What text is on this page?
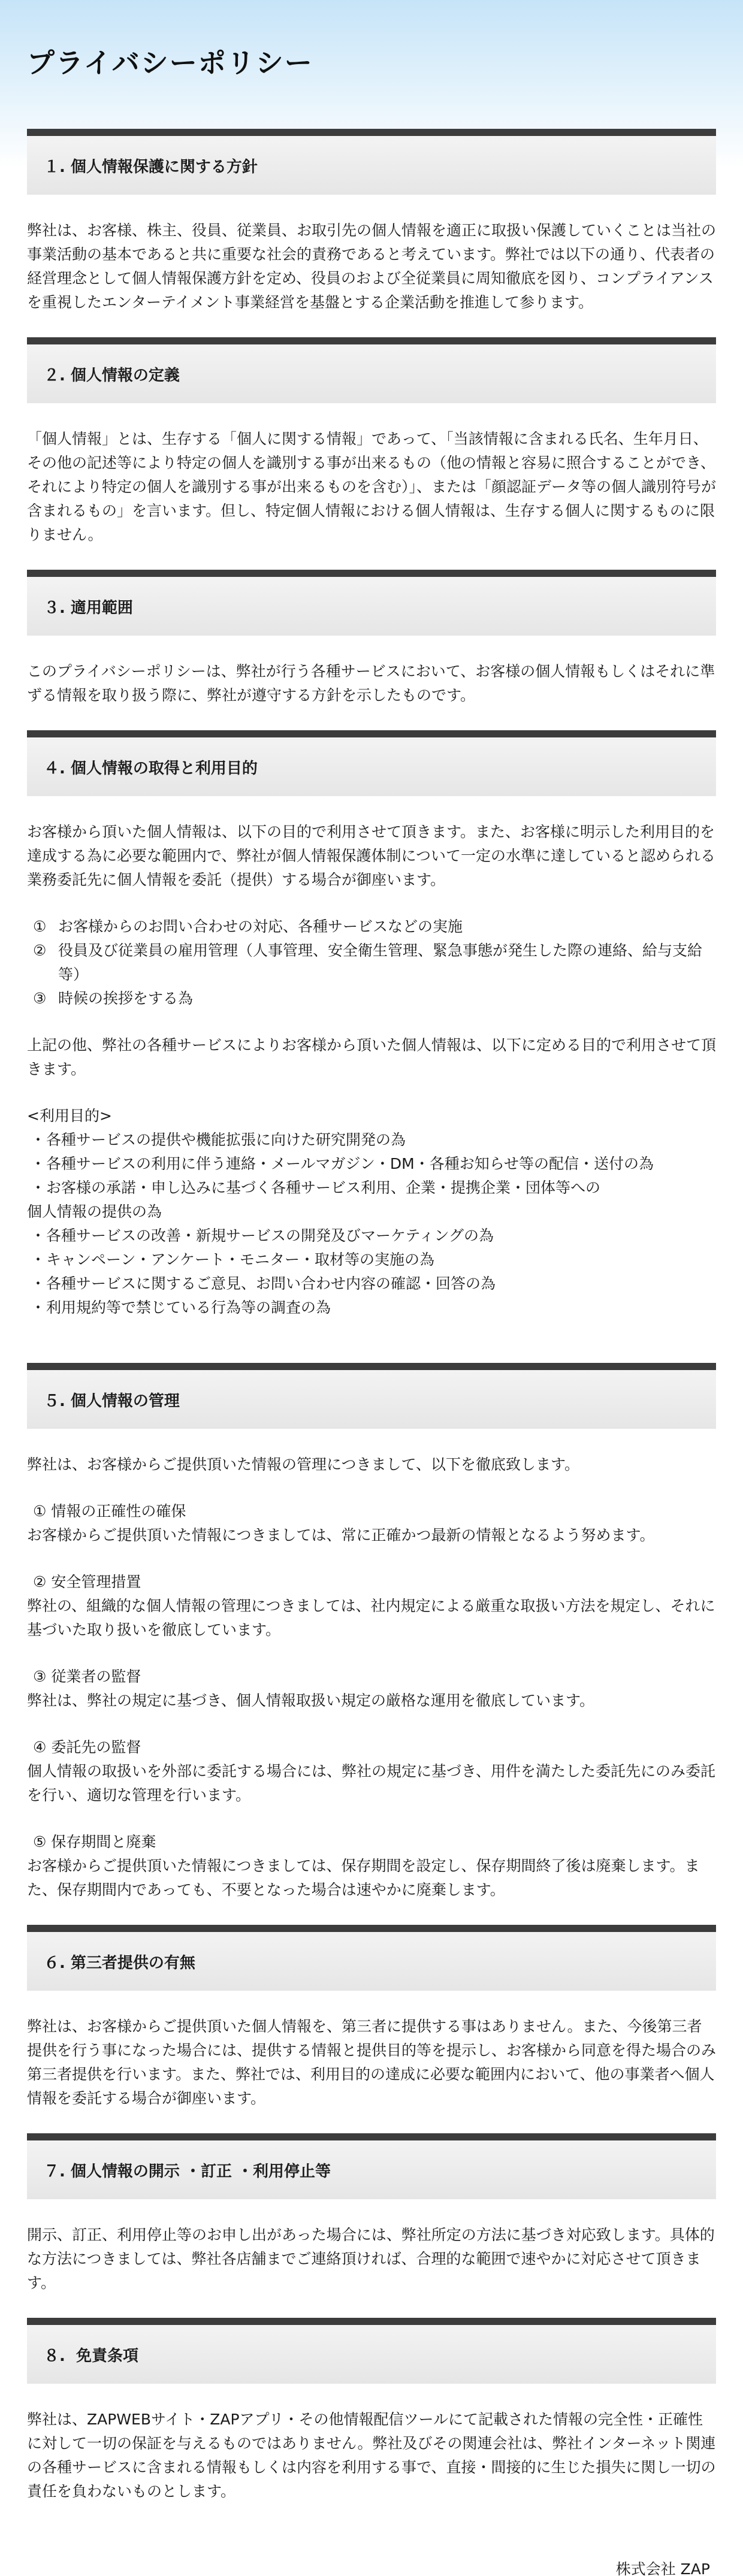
プライバシーポリシー
１. 個人情報保護に関する方針

弊社は、お客様、株主、役員、従業員、お取引先の個人情報を適正に取扱い保護していくことは当社の事業活動の基本であると共に重要な社会的責務であると考えています。弊社では以下の通り、代表者の経営理念として個人情報保護方針を定め、役員のおよび全従業員に周知徹底を図り、コンプライアンスを重視したエンターテイメント事業経営を基盤とする企業活動を推進して参ります。

２. 個人情報の定義

「個人情報」とは、生存する「個人に関する情報」であって、「当該情報に含まれる氏名、生年月日、その他の記述等により特定の個人を識別する事が出来るもの（他の情報と容易に照合することができ、それにより特定の個人を識別する事が出来るものを含む）」、または「顔認証データ等の個人識別符号が含まれるもの」を言います。但し、特定個人情報における個人情報は、生存する個人に関するものに限りません。

３. 適用範囲

このプライバシーポリシーは、弊社が行う各種サービスにおいて、お客様の個人情報もしくはそれに準ずる情報を取り扱う際に、弊社が遵守する方針を示したものです。

４. 個人情報の取得と利用目的

お客様から頂いた個人情報は、以下の目的で利用させて頂きます。また、お客様に明示した利用目的を達成する為に必要な範囲内で、弊社が個人情報保護体制について一定の水準に達していると認められる業務委託先に個人情報を委託（提供）する場合が御座います。

① お客様からのお問い合わせの対応、各種サービスなどの実施
② 役員及び従業員の雇用管理（人事管理、安全衛生管理、緊急事態が発生した際の連絡、給与支給等）
③ 時候の挨拶をする為

上記の他、弊社の各種サービスによりお客様から頂いた個人情報は、以下に定める目的で利用させて頂きます。

<利用目的>
・各種サービスの提供や機能拡張に向けた研究開発の為
・各種サービスの利用に伴う連絡・メールマガジン・DM・各種お知らせ等の配信・送付の為
・お客様の承諾・申し込みに基づく各種サービス利用、企業・提携企業・団体等への
個人情報の提供の為
・各種サービスの改善・新規サービスの開発及びマーケティングの為
・キャンペーン・アンケート・モニター・取材等の実施の為
・各種サービスに関するご意見、お問い合わせ内容の確認・回答の為
・利用規約等で禁じている行為等の調査の為
５. 個人情報の管理

弊社は、お客様からご提供頂いた情報の管理につきまして、以下を徹底致します。

① 情報の正確性の確保
お客様からご提供頂いた情報につきましては、常に正確かつ最新の情報となるよう努めます。
② 安全管理措置
弊社の、組織的な個人情報の管理につきましては、社内規定による厳重な取扱い方法を規定し、それに基づいた取り扱いを徹底しています。
③ 従業者の監督
弊社は、弊社の規定に基づき、個人情報取扱い規定の厳格な運用を徹底しています。
④ 委託先の監督
個人情報の取扱いを外部に委託する場合には、弊社の規定に基づき、用件を満たした委託先にのみ委託を行い、適切な管理を行います。
⑤ 保存期間と廃棄
お客様からご提供頂いた情報につきましては、保存期間を設定し、保存期間終了後は廃棄します。また、保存期間内であっても、不要となった場合は速やかに廃棄します。
６. 第三者提供の有無

弊社は、お客様からご提供頂いた個人情報を、第三者に提供する事はありません。また、今後第三者提供を行う事になった場合には、提供する情報と提供目的等を提示し、お客様から同意を得た場合のみ第三者提供を行います。また、弊社では、利用目的の達成に必要な範囲内において、他の事業者へ個人情報を委託する場合が御座います。

７. 個人情報の開示 ・訂正 ・利用停止等

開示、訂正、利用停止等のお申し出があった場合には、弊社所定の方法に基づき対応致します。具体的な方法につきましては、弊社各店舗までご連絡頂ければ、合理的な範囲で速やかに対応させて頂きます。

８.  免責条項

弊社は、ZAPWEBサイト・ZAPアプリ・その他情報配信ツールにて記載された情報の完全性・正確性に対して一切の保証を与えるものではありません。弊社及びその関連会社は、弊社インターネット関連の各種サービスに含まれる情報もしくは内容を利用する事で、直接・間接的に生じた損失に関し一切の責任を負わないものとします。

株式会社 ZAP
